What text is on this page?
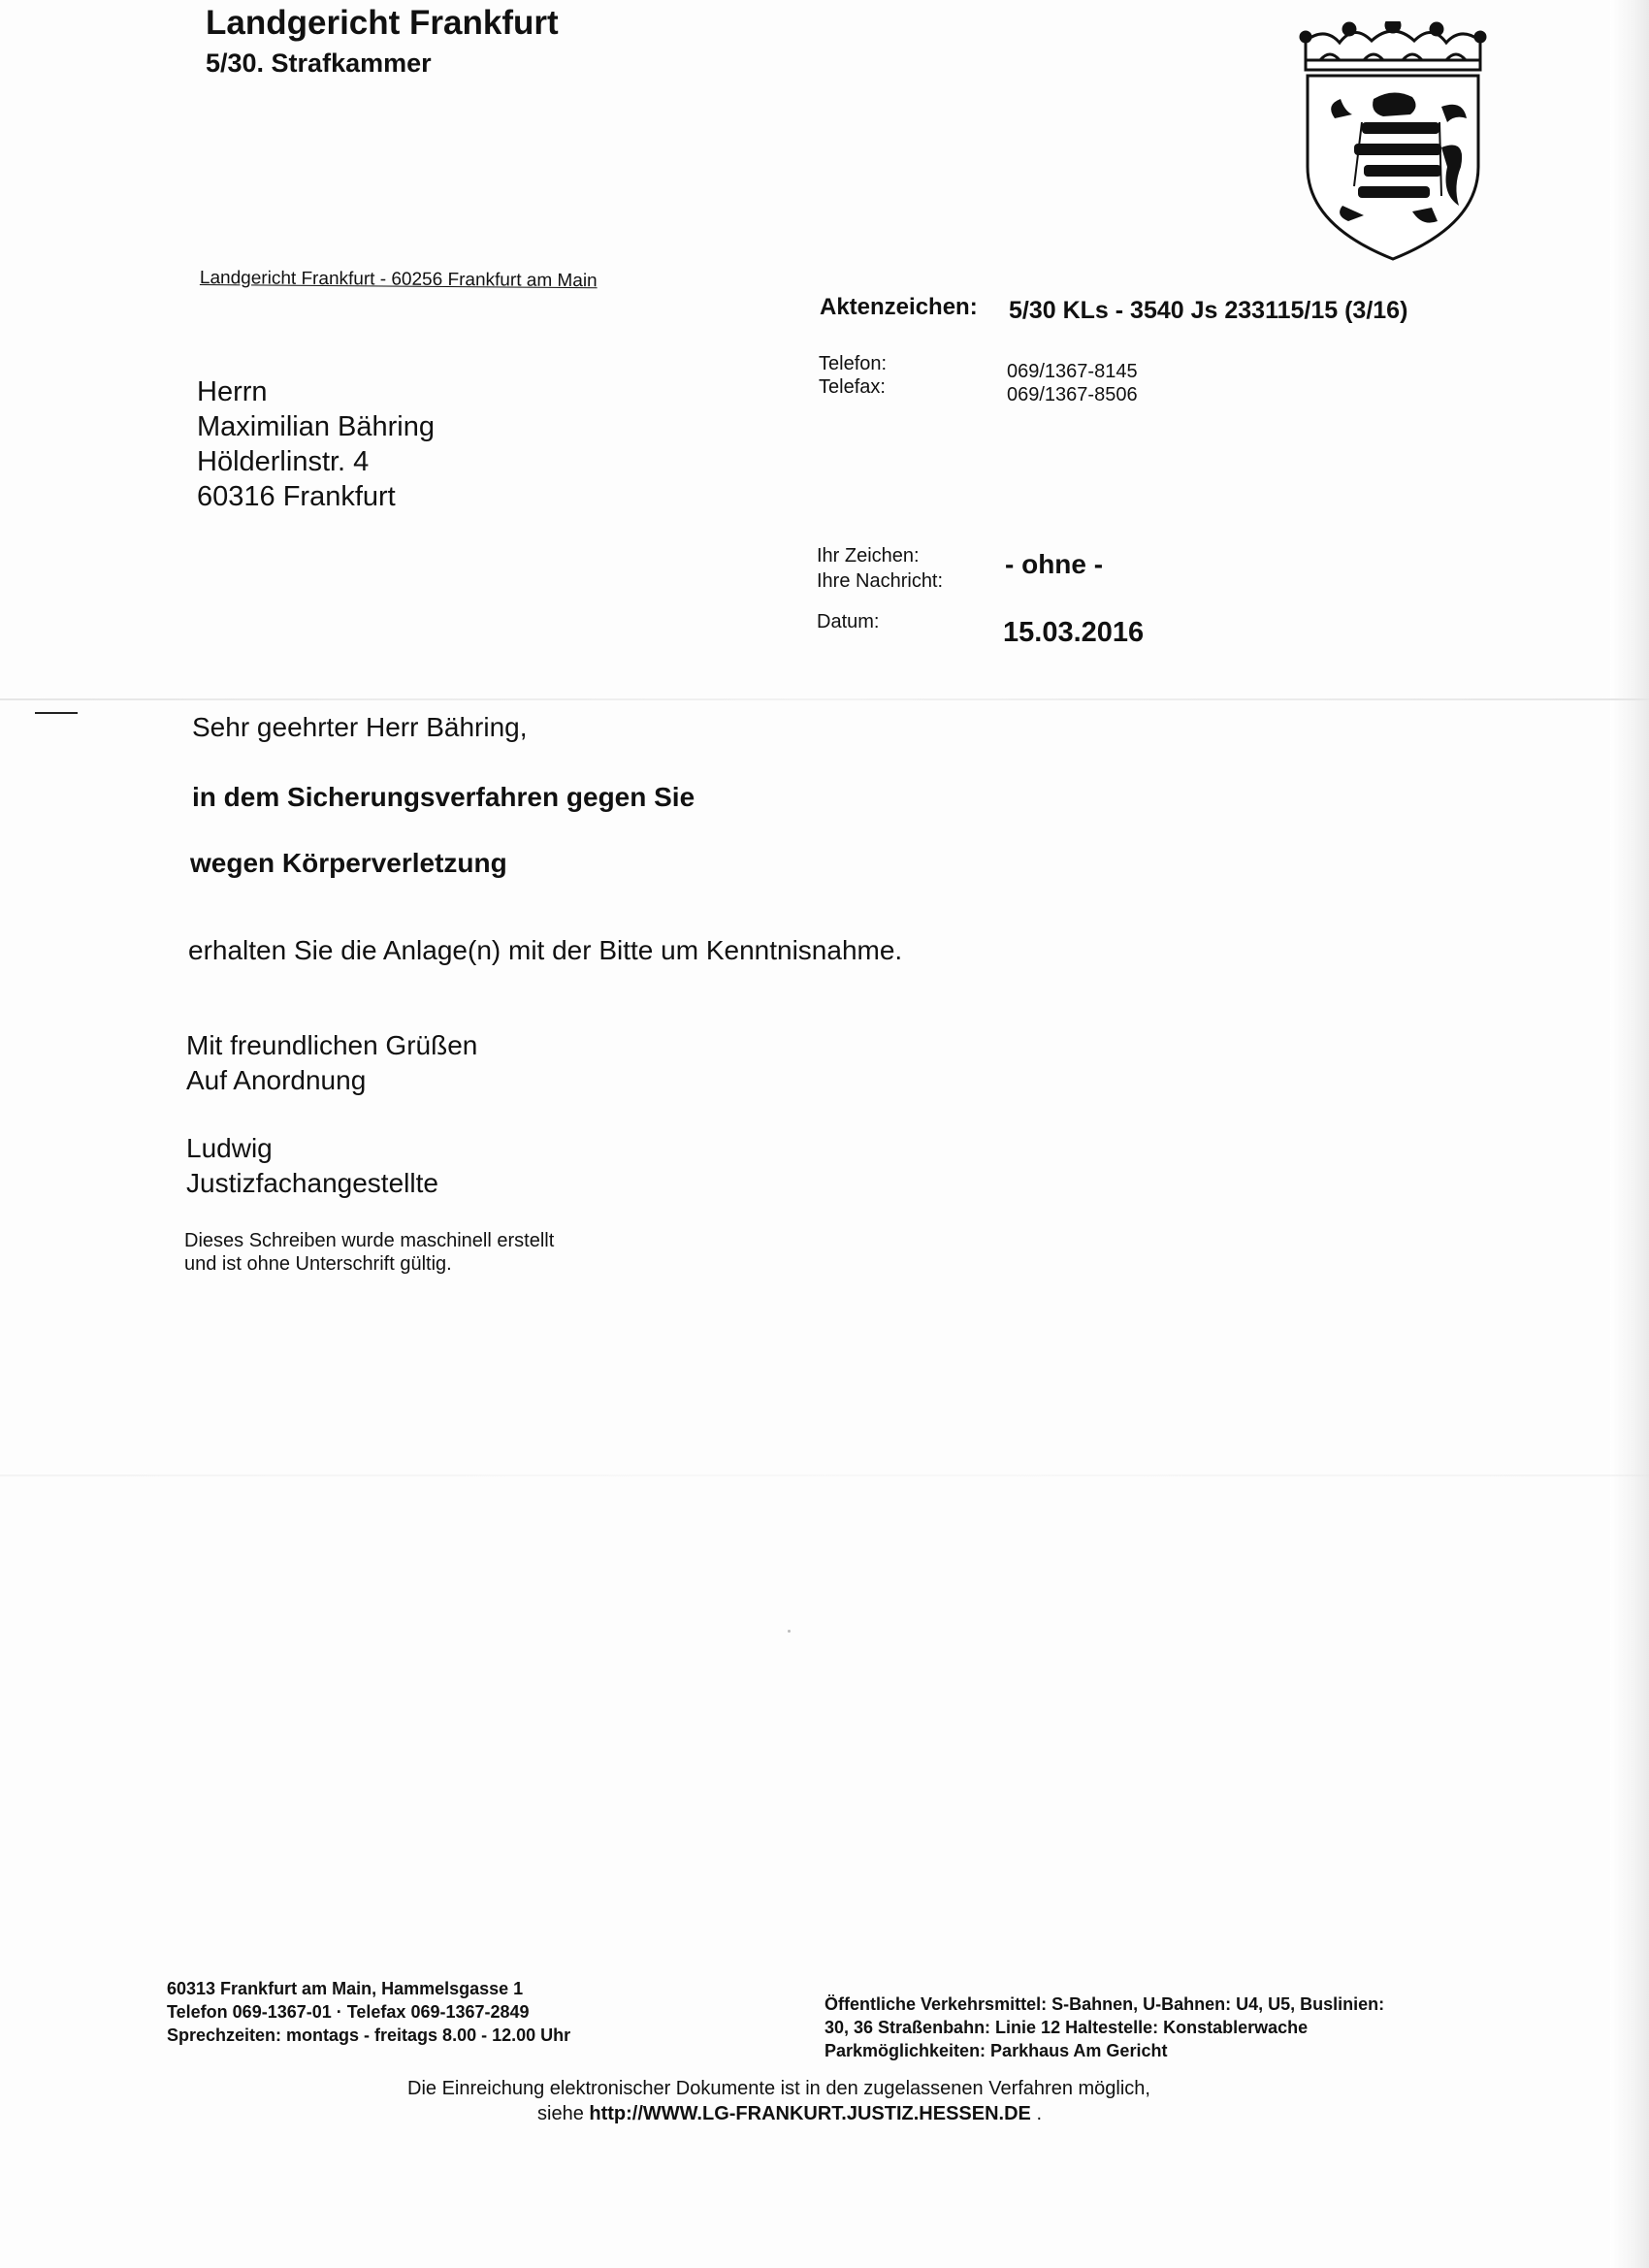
Landgericht Frankfurt
5/30. Strafkammer
Landgericht Frankfurt - 60256 Frankfurt am Main
Herrn
Maximilian Bähring
Hölderlinstr. 4
60316 Frankfurt
Aktenzeichen: 5/30 KLs - 3540 Js 233115/15 (3/16)
Telefon:
Telefax:
069/1367-8145
069/1367-8506
Ihr Zeichen:
Ihre Nachricht:
- ohne -
Datum:	15.03.2016
Sehr geehrter Herr Bähring,
in dem Sicherungsverfahren gegen Sie
wegen Körperverletzung
erhalten Sie die Anlage(n) mit der Bitte um Kenntnisnahme.
Mit freundlichen Grüßen
Auf Anordnung
Ludwig
Justizfachangestellte
Dieses Schreiben wurde maschinell erstellt
und ist ohne Unterschrift gültig.
60313 Frankfurt am Main, Hammelsgasse 1
Telefon 069-1367-01 · Telefax 069-1367-2849
Sprechzeiten: montags - freitags 8.00 - 12.00 Uhr
Öffentliche Verkehrsmittel: S-Bahnen, U-Bahnen: U4, U5, Buslinien:
30, 36 Straßenbahn: Linie 12 Haltestelle: Konstablerwache
Parkmöglichkeiten: Parkhaus Am Gericht
Die Einreichung elektronischer Dokumente ist in den zugelassenen Verfahren möglich,
siehe http://WWW.LG-FRANKURT.JUSTIZ.HESSEN.DE .
